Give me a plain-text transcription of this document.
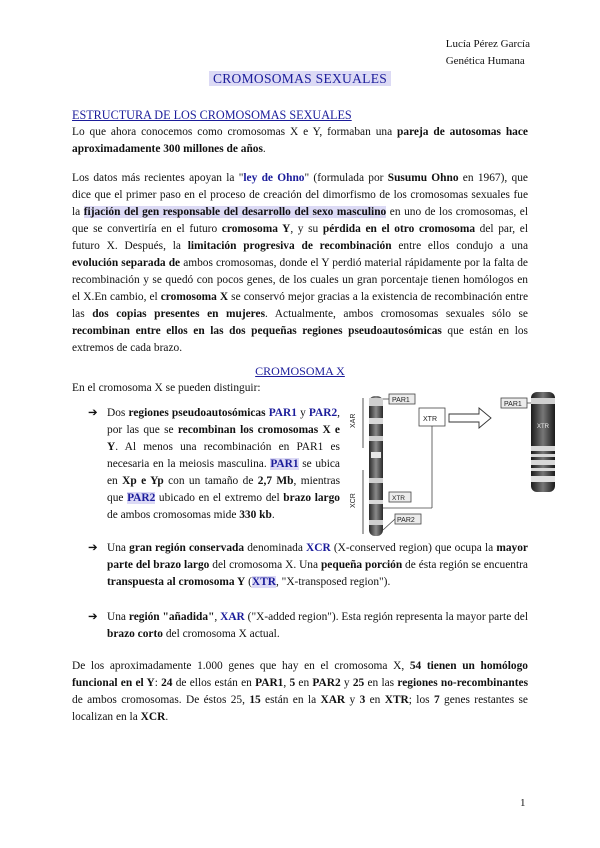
Lucía Pérez García
Genética Humana
CROMOSOMAS SEXUALES
ESTRUCTURA DE LOS CROMOSOMAS SEXUALES
Lo que ahora conocemos como cromosomas X e Y, formaban una pareja de autosomas hace aproximadamente 300 millones de años.
Los datos más recientes apoyan la "ley de Ohno" (formulada por Susumu Ohno en 1967), que dice que el primer paso en el proceso de creación del dimorfismo de los cromosomas sexuales fue la fijación del gen responsable del desarrollo del sexo masculino en uno de los cromosomas, el que se convertiría en el futuro cromosoma Y, y su pérdida en el otro cromosoma del par, el futuro X. Después, la limitación progresiva de recombinación entre ellos condujo a una evolución separada de ambos cromosomas, donde el Y perdió material rápidamente por la falta de recombinación y se quedó con pocos genes, de los cuales un gran porcentaje tienen homólogos en el X.En cambio, el cromosoma X se conservó mejor gracias a la existencia de recombinación entre las dos copias presentes en mujeres. Actualmente, ambos cromosomas sexuales sólo se recombinan entre ellos en las dos pequeñas regiones pseudoautosómicas que están en los extremos de cada brazo.
CROMOSOMA X
En el cromosoma X se pueden distinguir:
➔ Dos regiones pseudoautosómicas PAR1 y PAR2, por las que se recombinan los cromosomas X e Y. Al menos una recombinación en PAR1 es necesaria en la meiosis masculina. PAR1 se ubica en Xp e Yp con un tamaño de 2,7 Mb, mientras que PAR2 ubicado en el extremo del brazo largo de ambos cromosomas mide 330 kb.
XAR
XCR
PAR1
XTR
XTR
PAR2
XTR
PAR1
➔ Una gran región conservada denominada XCR (X-conserved region) que ocupa la mayor parte del brazo largo del cromosoma X. Una pequeña porción de ésta región se encuentra transpuesta al cromosoma Y (XTR, "X-transposed region").
➔ Una región "añadida", XAR ("X-added region"). Esta región representa la mayor parte del brazo corto del cromosoma X actual.
De los aproximadamente 1.000 genes que hay en el cromosoma X, 54 tienen un homólogo funcional en el Y: 24 de ellos están en PAR1, 5 en PAR2 y 25 en las regiones no-recombinantes de ambos cromosomas. De éstos 25, 15 están en la XAR y 3 en XTR; los 7 genes restantes se localizan en la XCR.
1
